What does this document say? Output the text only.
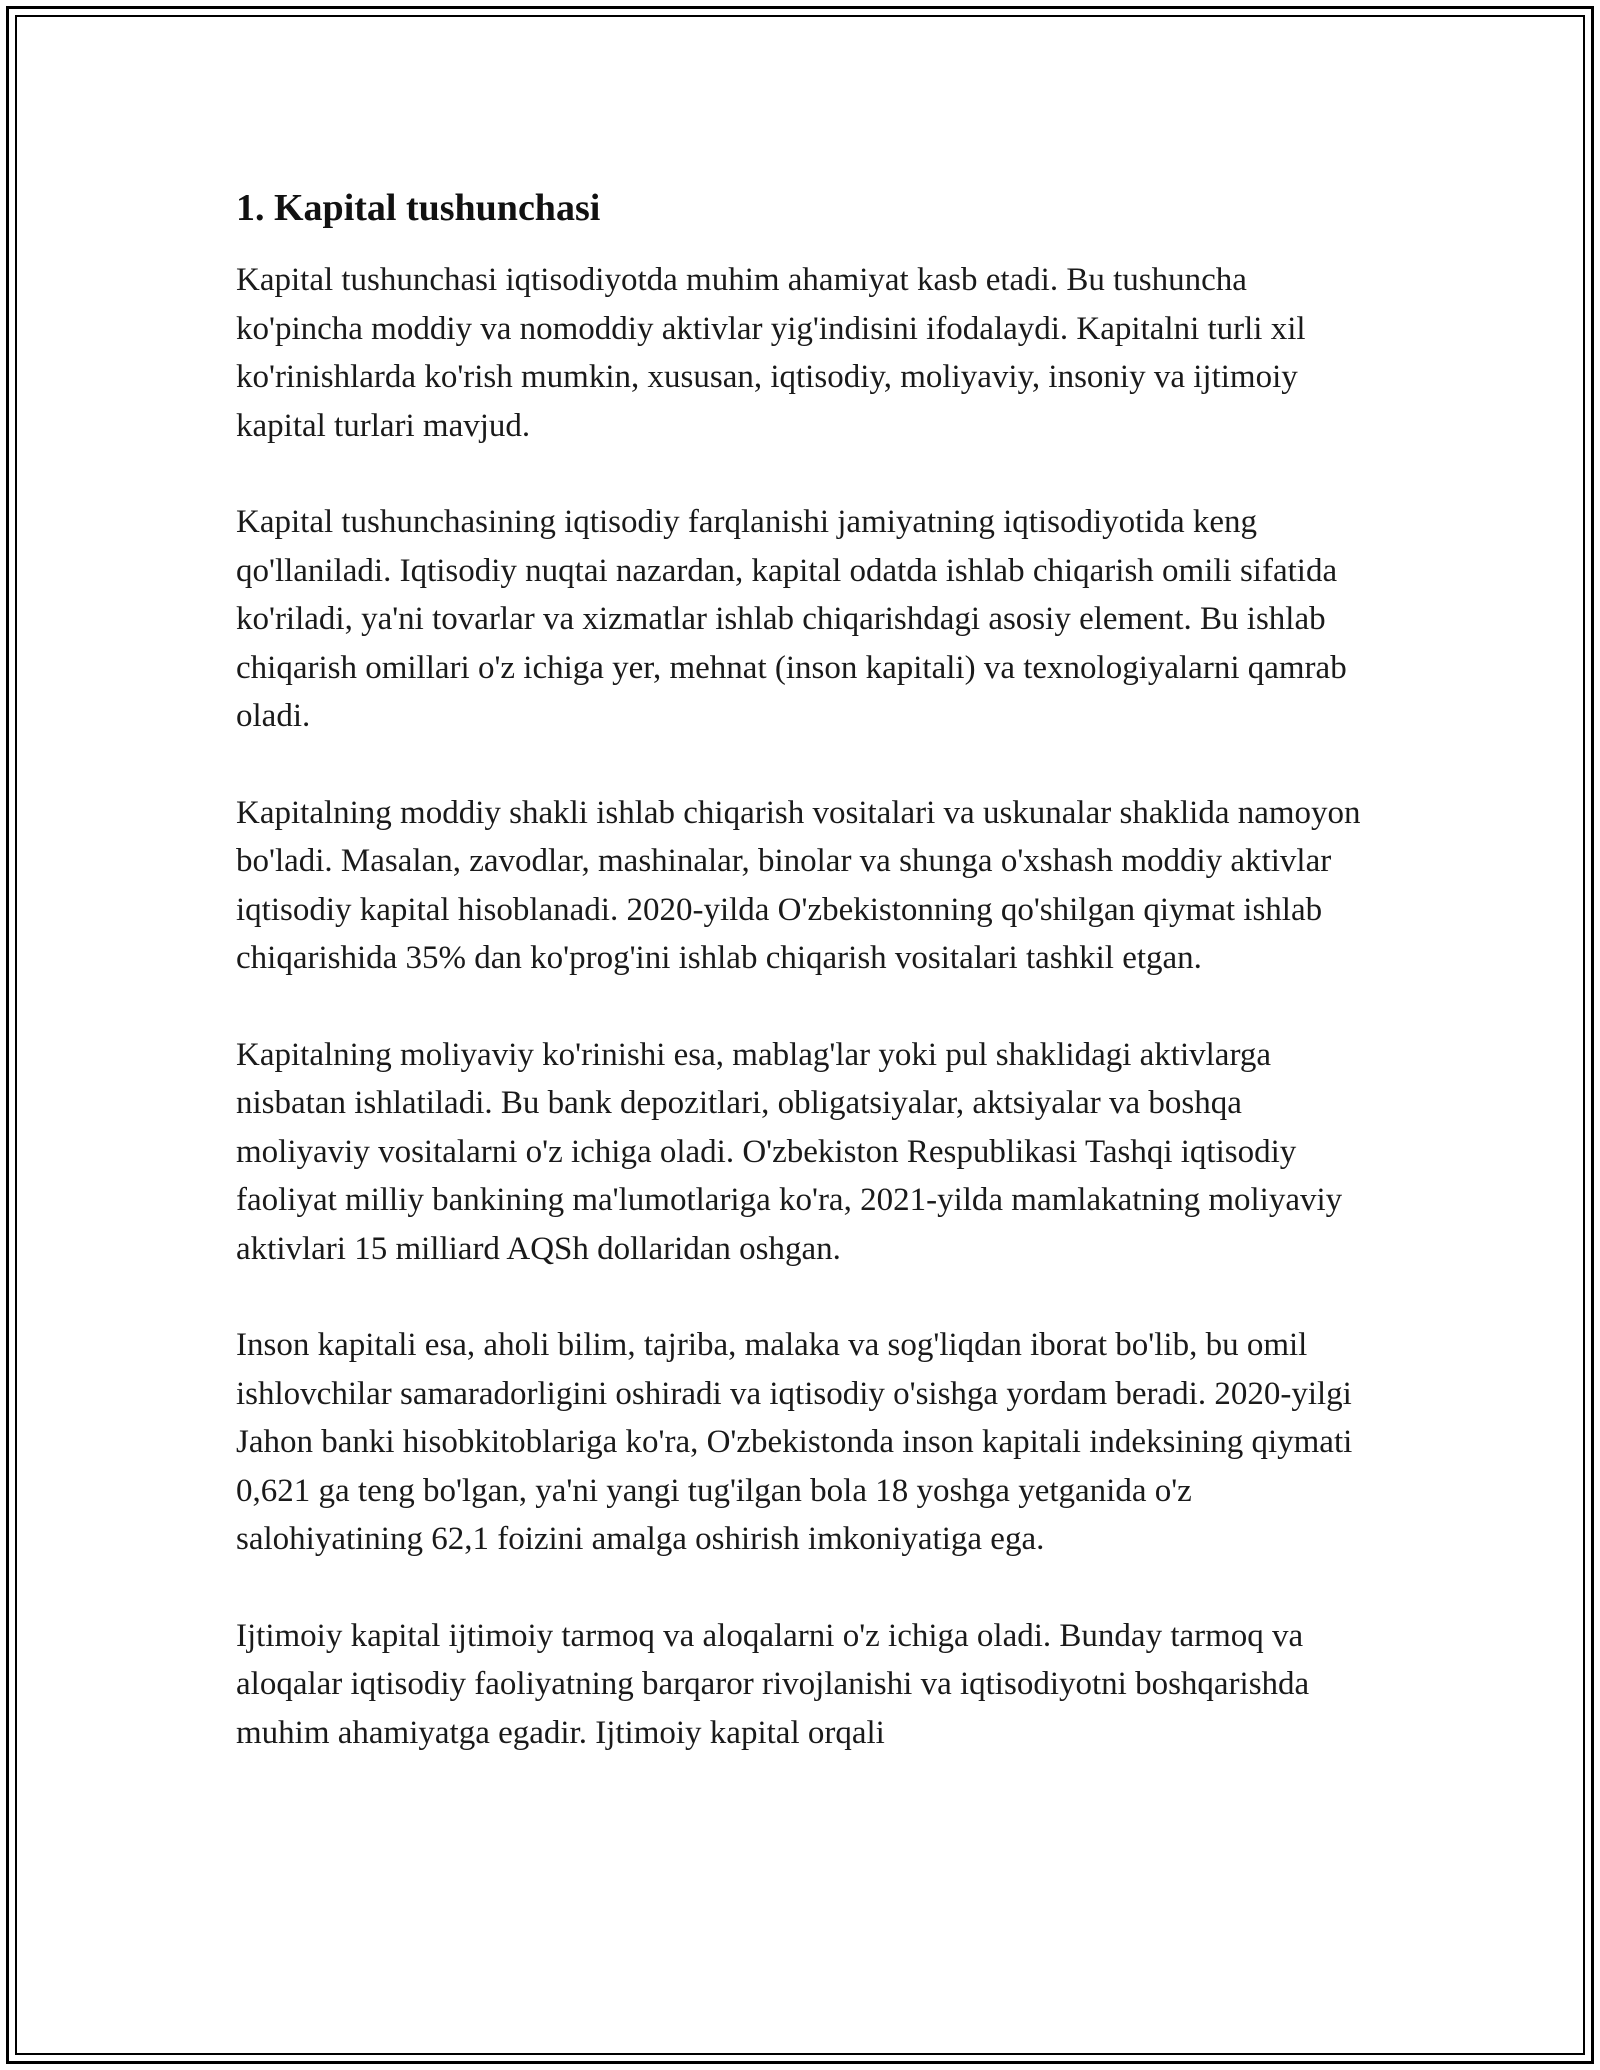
1. Kapital tushunchasi

Kapital tushunchasi iqtisodiyotda muhim ahamiyat kasb etadi. Bu tushuncha ko'pincha moddiy va nomoddiy aktivlar yig'indisini ifodalaydi. Kapitalni turli xil ko'rinishlarda ko'rish mumkin, xususan, iqtisodiy, moliyaviy, insoniy va ijtimoiy kapital turlari mavjud.

Kapital tushunchasining iqtisodiy farqlanishi jamiyatning iqtisodiyotida keng qo'llaniladi. Iqtisodiy nuqtai nazardan, kapital odatda ishlab chiqarish omili sifatida ko'riladi, ya'ni tovarlar va xizmatlar ishlab chiqarishdagi asosiy element. Bu ishlab chiqarish omillari o'z ichiga yer, mehnat (inson kapitali) va texnologiyalarni qamrab oladi.

Kapitalning moddiy shakli ishlab chiqarish vositalari va uskunalar shaklida namoyon bo'ladi. Masalan, zavodlar, mashinalar, binolar va shunga o'xshash moddiy aktivlar iqtisodiy kapital hisoblanadi. 2020-yilda O'zbekistonning qo'shilgan qiymat ishlab chiqarishida 35% dan ko'prog'ini ishlab chiqarish vositalari tashkil etgan.

Kapitalning moliyaviy ko'rinishi esa, mablag'lar yoki pul shaklidagi aktivlarga nisbatan ishlatiladi. Bu bank depozitlari, obligatsiyalar, aktsiyalar va boshqa moliyaviy vositalarni o'z ichiga oladi. O'zbekiston Respublikasi Tashqi iqtisodiy faoliyat milliy bankining ma'lumotlariga ko'ra, 2021-yilda mamlakatning moliyaviy aktivlari 15 milliard AQSh dollaridan oshgan.

Inson kapitali esa, aholi bilim, tajriba, malaka va sog'liqdan iborat bo'lib, bu omil ishlovchilar samaradorligini oshiradi va iqtisodiy o'sishga yordam beradi. 2020-yilgi Jahon banki hisobkitoblariga ko'ra, O'zbekistonda inson kapitali indeksining qiymati 0,621 ga teng bo'lgan, ya'ni yangi tug'ilgan bola 18 yoshga yetganida o'z salohiyatining 62,1 foizini amalga oshirish imkoniyatiga ega.

Ijtimoiy kapital ijtimoiy tarmoq va aloqalarni o'z ichiga oladi. Bunday tarmoq va aloqalar iqtisodiy faoliyatning barqaror rivojlanishi va iqtisodiyotni boshqarishda muhim ahamiyatga egadir. Ijtimoiy kapital orqali
